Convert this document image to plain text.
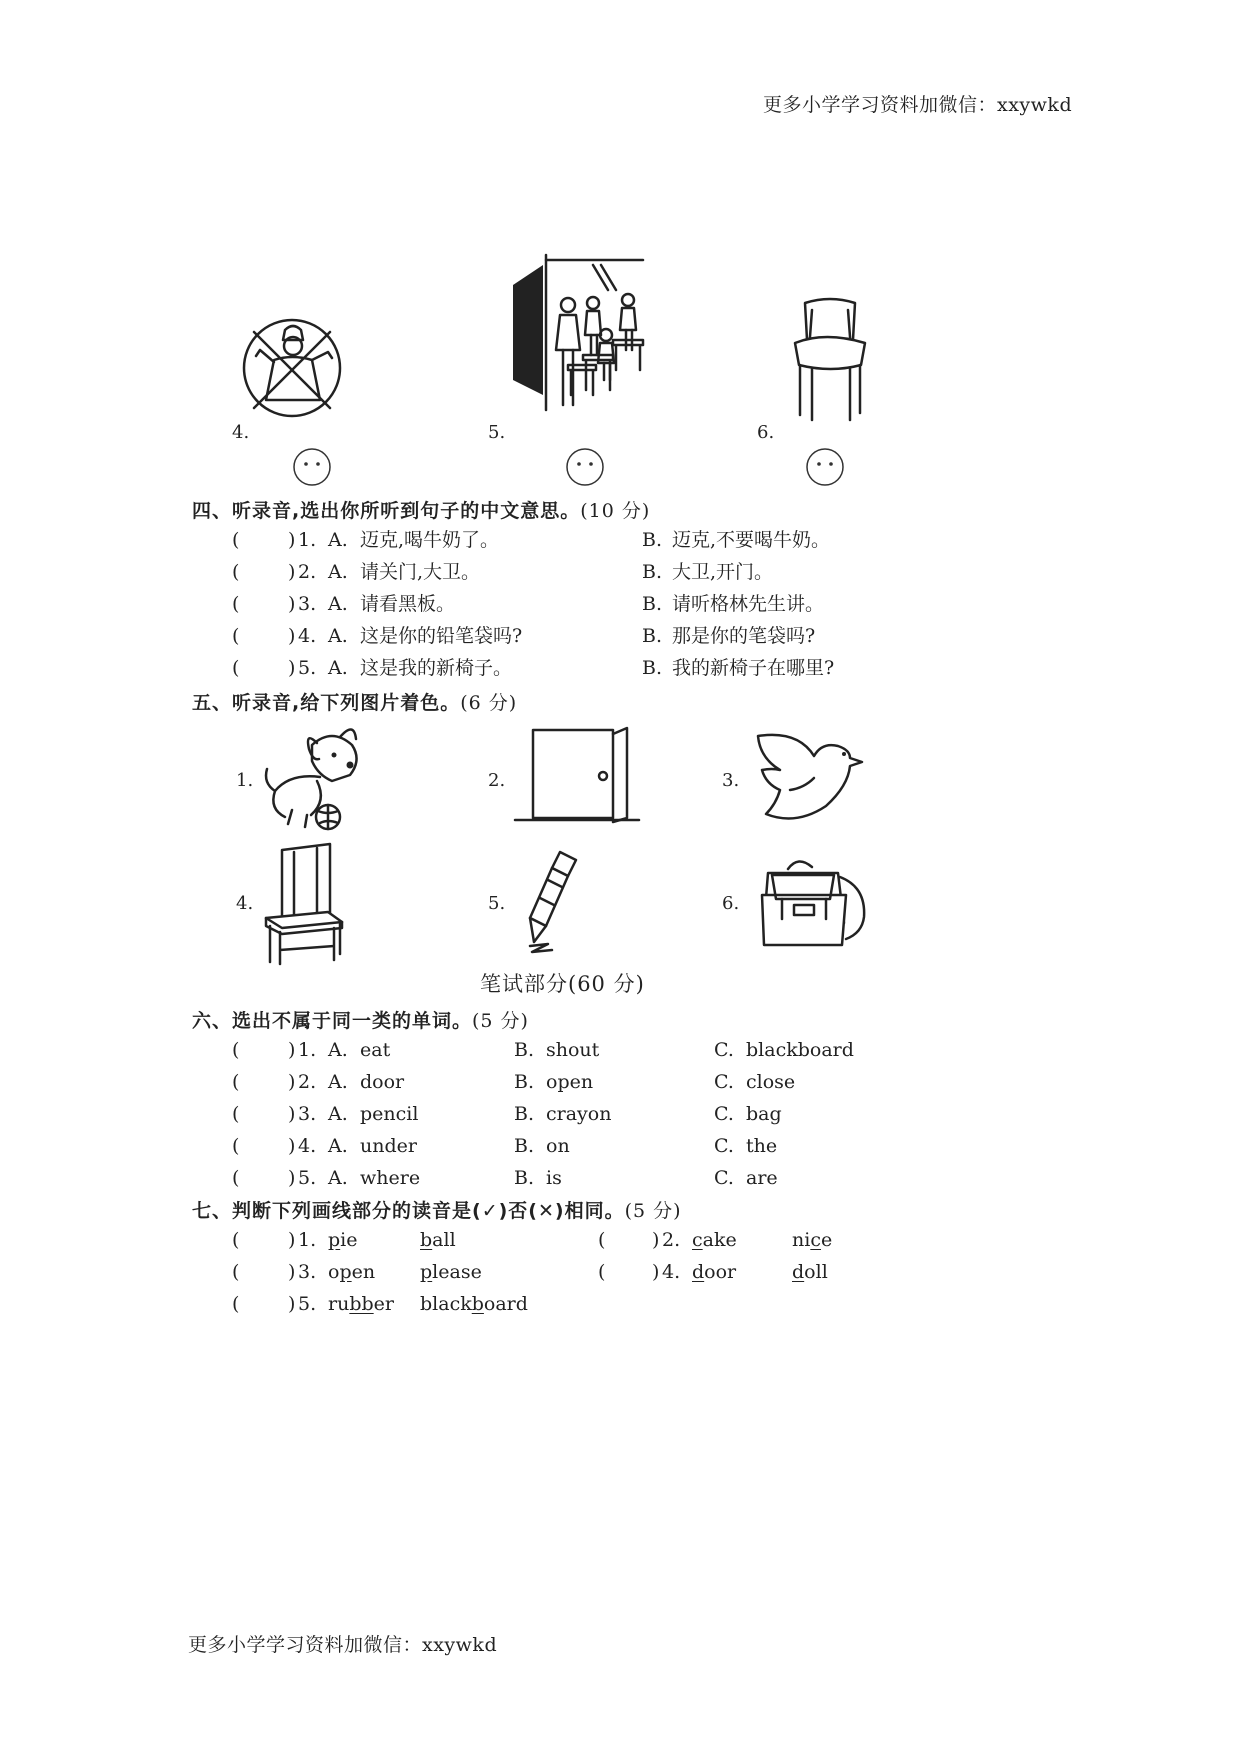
更多小学学习资料加微信：xxywkd
4.	5.	6.
四、听录音,选出你所听到句子的中文意思。(10 分)
(	) 1. A. 迈克,喝牛奶了。	B. 迈克,不要喝牛奶。
(	) 2. A. 请关门,大卫。	B. 大卫,开门。
(	) 3. A. 请看黑板。	B. 请听格林先生讲。
(	) 4. A. 这是你的铅笔袋吗?	B. 那是你的笔袋吗?
(	) 5. A. 这是我的新椅子。	B. 我的新椅子在哪里?
五、听录音,给下列图片着色。(6 分)
1.	2.	3.
4.	5.	6.
笔试部分(60 分)
六、选出不属于同一类的单词。(5 分)
(	) 1. A. eat	B. shout	C. blackboard
(	) 2. A. door	B. open	C. close
(	) 3. A. pencil	B. crayon	C. bag
(	) 4. A. under	B. on	C. the
(	) 5. A. where	B. is	C. are
七、判断下列画线部分的读音是(✓)否(✕)相同。(5 分)
(	) 1. pie	ball	( ) 2. cake	nice
(	) 3. open please	( ) 4. door	doll
(	) 5. rubber blackboard
更多小学学习资料加微信：xxywkd
